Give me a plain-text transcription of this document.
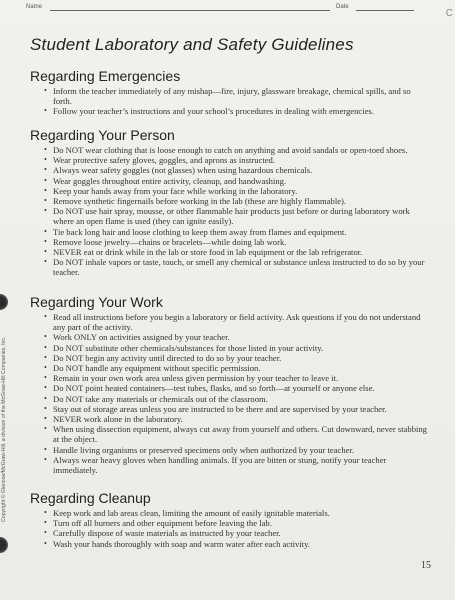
Name	Date
C
Student Laboratory and Safety Guidelines
Regarding Emergencies
• Inform the teacher immediately of any mishap—fire, injury, glassware breakage, chemical spills, and so forth.
• Follow your teacher’s instructions and your school’s procedures in dealing with emergencies.
Regarding Your Person
• Do NOT wear clothing that is loose enough to catch on anything and avoid sandals or open-toed shoes.
• Wear protective safety gloves, goggles, and aprons as instructed.
• Always wear safety goggles (not glasses) when using hazardous chemicals.
• Wear goggles throughout entire activity, cleanup, and handwashing.
• Keep your hands away from your face while working in the laboratory.
• Remove synthetic fingernails before working in the lab (these are highly flammable).
• Do NOT use hair spray, mousse, or other flammable hair products just before or during laboratory work where an open flame is used (they can ignite easily).
• Tie back long hair and loose clothing to keep them away from flames and equipment.
• Remove loose jewelry—chains or bracelets—while doing lab work.
• NEVER eat or drink while in the lab or store food in lab equipment or the lab refrigerator.
• Do NOT inhale vapors or taste, touch, or smell any chemical or substance unless instructed to do so by your teacher.
Regarding Your Work
• Read all instructions before you begin a laboratory or field activity. Ask questions if you do not understand any part of the activity.
• Work ONLY on activities assigned by your teacher.
• Do NOT substitute other chemicals/substances for those listed in your activity.
• Do NOT begin any activity until directed to do so by your teacher.
• Do NOT handle any equipment without specific permission.
• Remain in your own work area unless given permission by your teacher to leave it.
• Do NOT point heated containers—test tubes, flasks, and so forth—at yourself or anyone else.
• Do NOT take any materials or chemicals out of the classroom.
• Stay out of storage areas unless you are instructed to be there and are supervised by your teacher.
• NEVER work alone in the laboratory.
• When using dissection equipment, always cut away from yourself and others. Cut downward, never stabbing at the object.
• Handle living organisms or preserved specimens only when authorized by your teacher.
• Always wear heavy gloves when handling animals. If you are bitten or stung, notify your teacher immediately.
Regarding Cleanup
• Keep work and lab areas clean, limiting the amount of easily ignitable materials.
• Turn off all burners and other equipment before leaving the lab.
• Carefully dispose of waste materials as instructed by your teacher.
• Wash your hands thoroughly with soap and warm water after each activity.
Copyright © Glencoe/McGraw-Hill, a division of the McGraw-Hill Companies, Inc.
15
